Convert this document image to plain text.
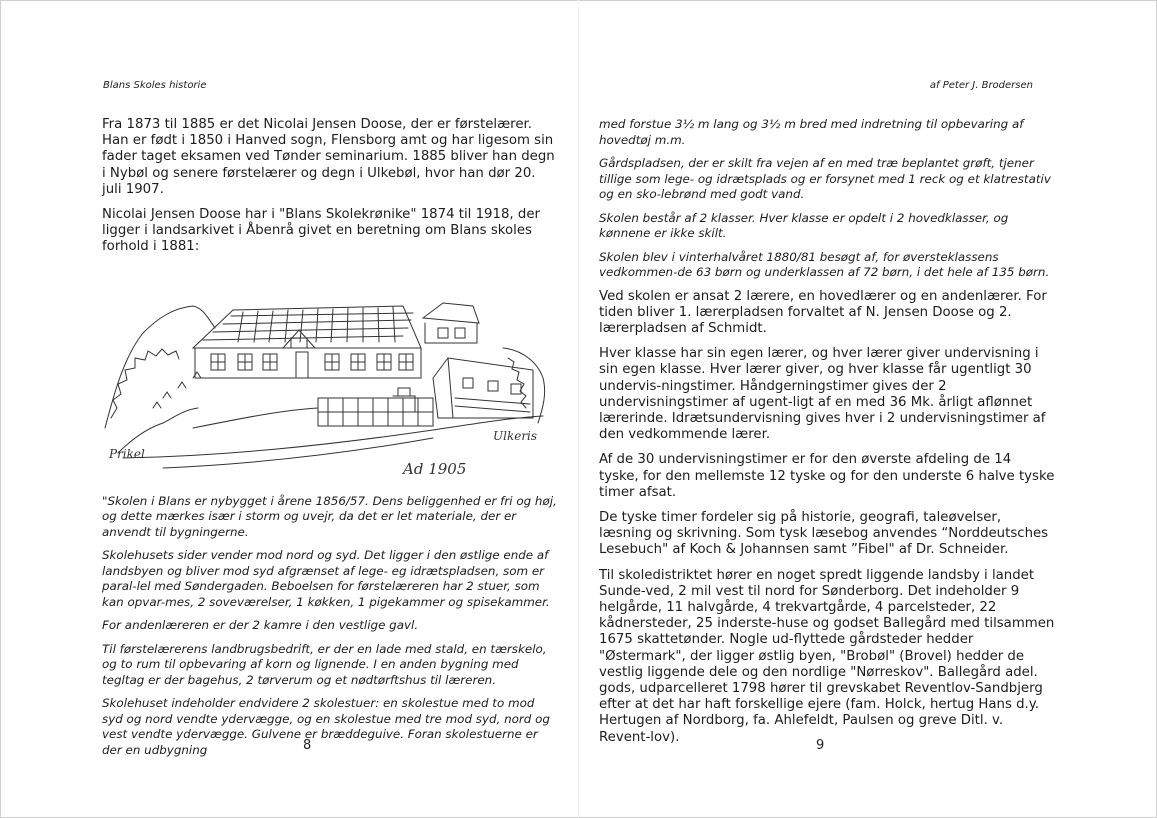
Blans Skoles historie	af Peter J. Brodersen

Fra 1873 til 1885 er det Nicolai Jensen Doose, der er førstelærer. Han er født i 1850 i Hanved sogn, Flensborg amt og har ligesom sin fader taget eksamen ved Tønder seminarium. 1885 bliver han degn i Nybøl og senere førstelærer og degn i Ulkebøl, hvor han dør 20. juli 1907.

Nicolai Jensen Doose har i "Blans Skolekrønike" 1874 til 1918, der ligger i landsarkivet i Åbenrå givet en beretning om Blans skoles forhold i 1881:

Prikel
Ulkeris
Ad 1905

"Skolen i Blans er nybygget i årene 1856/57. Dens beliggenhed er fri og høj, og dette mærkes især i storm og uvejr, da det er let materiale, der er anvendt til bygningerne.

Skolehusets sider vender mod nord og syd. Det ligger i den østlige ende af landsbyen og bliver mod syd afgrænset af lege- eg idrætspladsen, som er paral-lel med Søndergaden. Beboelsen for førstelæreren har 2 stuer, som kan opvar-mes, 2 soveværelser, 1 køkken, 1 pigekammer og spisekammer.

For andenlæreren er der 2 kamre i den vestlige gavl.

Til førstelærerens landbrugsbedrift, er der en lade med stald, en tærskelo, og to rum til opbevaring af korn og lignende. I en anden bygning med tegltag er der bagehus, 2 tørverum og et nødtørftshus til læreren.

Skolehuset indeholder endvidere 2 skolestuer: en skolestue med to mod syd og nord vendte ydervægge, og en skolestue med tre mod syd, nord og vest vendte ydervægge. Gulvene er bræddeguive. Foran skolestuerne er der en udbygning	8

med forstue 3½ m lang og 3½ m bred med indretning til opbevaring af hovedtøj m.m.

Gårdspladsen, der er skilt fra vejen af en med træ beplantet grøft, tjener tillige som lege- og idrætsplads og er forsynet med 1 reck og et klatrestativ og en sko-lebrønd med godt vand.

Skolen består af 2 klasser. Hver klasse er opdelt i 2 hovedklasser, og kønnene er ikke skilt.

Skolen blev i vinterhalvåret 1880/81 besøgt af, for øversteklassens vedkommen-de 63 børn og underklassen af 72 børn, i det hele af 135 børn.

Ved skolen er ansat 2 lærere, en hovedlærer og en andenlærer. For tiden bliver 1. lærerpladsen forvaltet af N. Jensen Doose og 2. lærerpladsen af Schmidt.

Hver klasse har sin egen lærer, og hver lærer giver undervisning i sin egen klasse. Hver lærer giver, og hver klasse får ugentligt 30 undervis-ningstimer. Håndgerningstimer gives der 2 undervisningstimer af ugent-ligt af en med 36 Mk. årligt aflønnet lærerinde. Idrætsundervisning gives hver i 2 undervisningstimer af den vedkommende lærer.

Af de 30 undervisningstimer er for den øverste afdeling de 14 tyske, for den mellemste 12 tyske og for den underste 6 halve tyske timer afsat.

De tyske timer fordeler sig på historie, geografi, taleøvelser, læsning og skrivning. Som tysk læsebog anvendes “Norddeutsches Lesebuch" af Koch & Johannsen samt ”Fibel" af Dr. Schneider.

Til skoledistriktet hører en noget spredt liggende landsby i landet Sunde-ved, 2 mil vest til nord for Sønderborg. Det indeholder 9 helgårde, 11 halvgårde, 4 trekvartgårde, 4 parcelsteder, 22 kådnersteder, 25 inderste-huse og godset Ballegård med tilsammen 1675 skattetønder. Nogle ud-flyttede gårdsteder hedder "Østermark", der ligger østlig byen, "Brobøl" (Brovel) hedder de vestlig liggende dele og den nordlige "Nørreskov". Ballegård adel. gods, udparcelleret 1798 hører til grevskabet Reventlov-Sandbjerg efter at det har haft forskellige ejere (fam. Holck, hertug Hans d.y. Hertugen af Nordborg, fa. Ahlefeldt, Paulsen og greve Ditl. v. Revent-lov).

9
